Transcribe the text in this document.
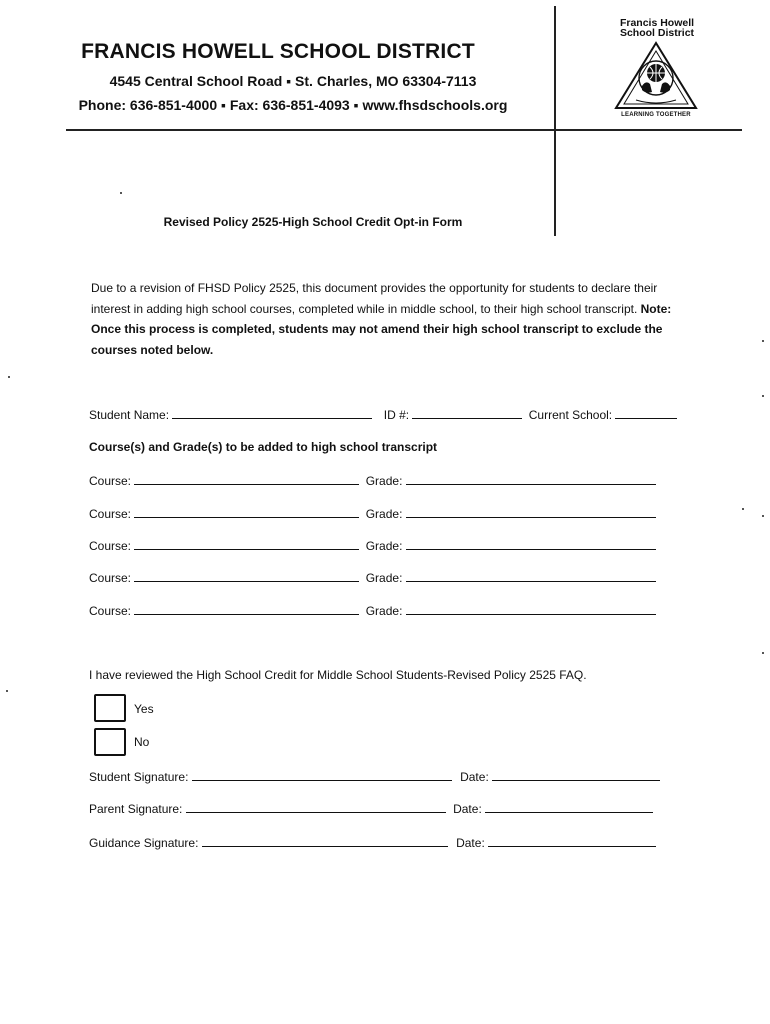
FRANCIS HOWELL SCHOOL DISTRICT
4545 Central School Road ▪ St. Charles, MO 63304-7113
Phone: 636-851-4000 ▪ Fax: 636-851-4093 ▪ www.fhsdschools.org
Francis Howell
School District
LEARNING TOGETHER
Revised Policy 2525-High School Credit Opt-in Form
Due to a revision of FHSD Policy 2525, this document provides the opportunity for students to declare their interest in adding high school courses, completed while in middle school, to their high school transcript. Note: Once this process is completed, students may not amend their high school transcript to exclude the courses noted below.
Student Name:	ID #:	Current School:
Course(s) and Grade(s) to be added to high school transcript
Course:	Grade:
Course:	Grade:
Course:	Grade:
Course:	Grade:
Course:	Grade:
I have reviewed the High School Credit for Middle School Students-Revised Policy 2525 FAQ.
Yes
No
Student Signature:	Date:
Parent Signature:	Date:
Guidance Signature:	Date:
